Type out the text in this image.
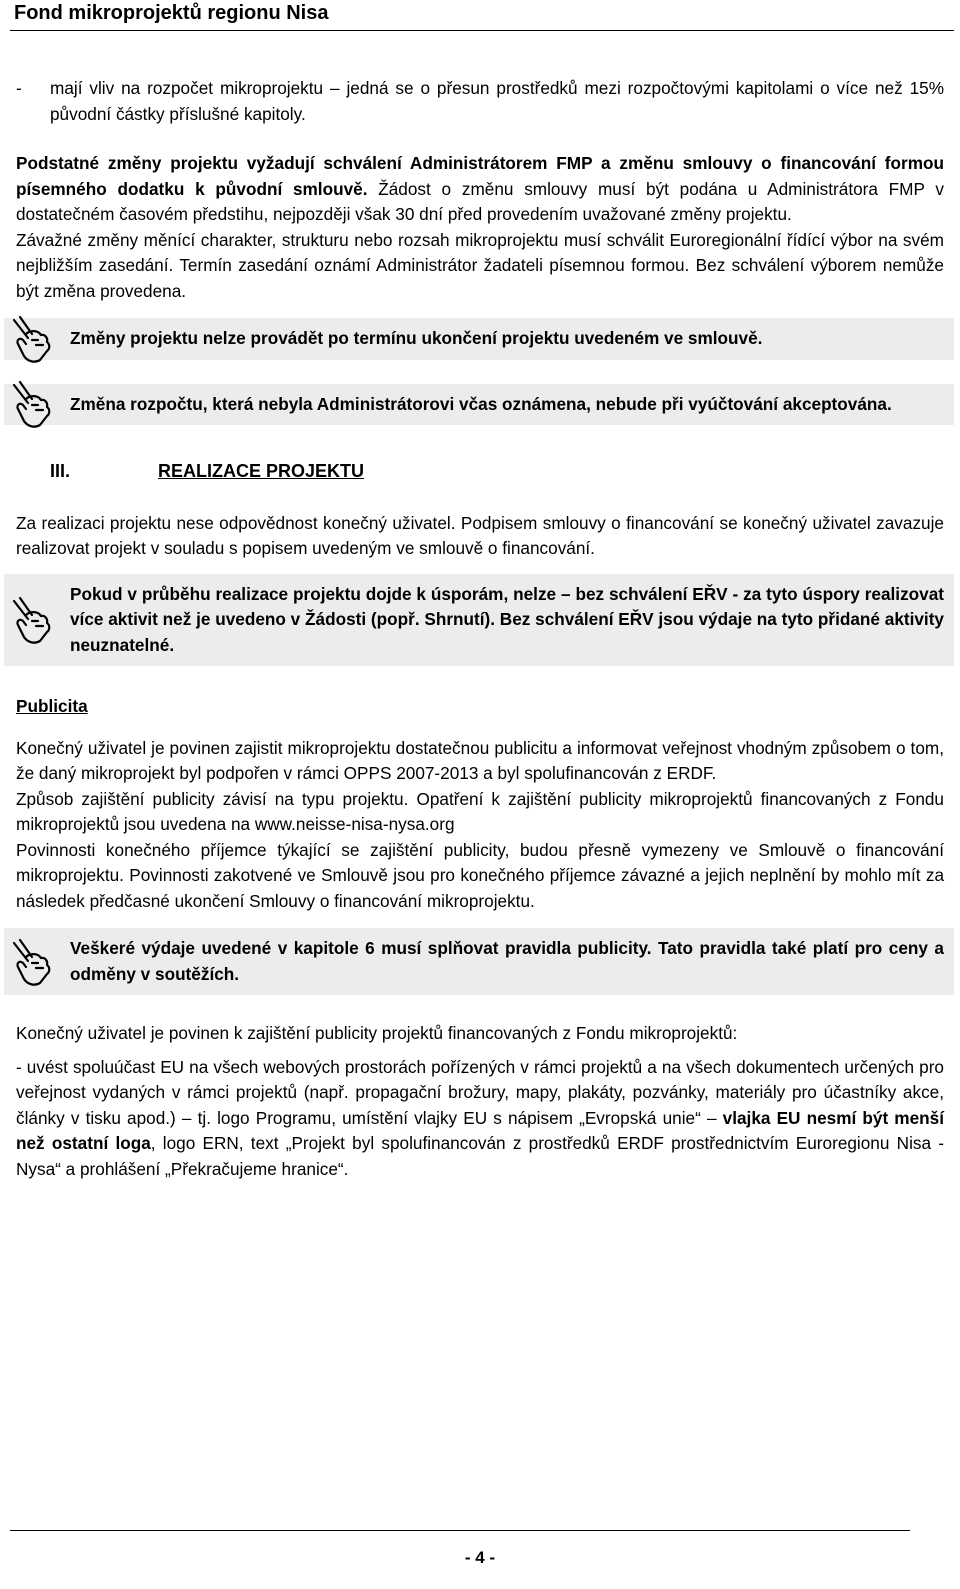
Fond mikroprojektů regionu Nisa
-	mají vliv na rozpočet mikroprojektu – jedná se o přesun prostředků mezi rozpočtovými kapitolami o více než 15% původní částky příslušné kapitoly.

Podstatné změny projektu vyžadují schválení Administrátorem FMP a změnu smlouvy o financování formou písemného dodatku k původní smlouvě. Žádost o změnu smlouvy musí být podána u Administrátora FMP v dostatečném časovém předstihu, nejpozději však 30 dní před provedením uvažované změny projektu.

Závažné změny měnící charakter, strukturu nebo rozsah mikroprojektu musí schválit Euroregionální řídící výbor na svém nejbližším zasedání. Termín zasedání oznámí Administrátor žadateli písemnou formou. Bez schválení výborem nemůže být změna provedena.

Změny projektu nelze provádět po termínu ukončení projektu uvedeném ve smlouvě.
Změna rozpočtu, která nebyla Administrátorovi včas oznámena, nebude při vyúčtování akceptována.
III.	REALIZACE PROJEKTU

Za realizaci projektu nese odpovědnost konečný uživatel. Podpisem smlouvy o financování se konečný uživatel zavazuje realizovat projekt v souladu s popisem uvedeným ve smlouvě o financování.

Pokud v průběhu realizace projektu dojde k úsporám, nelze – bez schválení EŘV - za tyto úspory realizovat více aktivit než je uvedeno v Žádosti (popř. Shrnutí). Bez schválení EŘV jsou výdaje na tyto přidané aktivity neuznatelné.

Publicita

Konečný uživatel je povinen zajistit mikroprojektu dostatečnou publicitu a informovat veřejnost vhodným způsobem o tom, že daný mikroprojekt byl podpořen v rámci OPPS 2007-2013 a byl spolufinancován z ERDF.

Způsob zajištění publicity závisí na typu projektu. Opatření k zajištění publicity mikroprojektů financovaných z Fondu mikroprojektů jsou uvedena na www.neisse-nisa-nysa.org

Povinnosti konečného příjemce týkající se zajištění publicity, budou přesně vymezeny ve Smlouvě o financování mikroprojektu. Povinnosti zakotvené ve Smlouvě jsou pro konečného příjemce závazné a jejich neplnění by mohlo mít za následek předčasné ukončení Smlouvy o financování mikroprojektu.

Veškeré výdaje uvedené v kapitole 6 musí splňovat pravidla publicity. Tato pravidla také platí pro ceny a odměny v soutěžích.

Konečný uživatel je povinen k zajištění publicity projektů financovaných z Fondu mikroprojektů:

- uvést spoluúčast EU na všech webových prostorách pořízených v rámci projektů a na všech dokumentech určených pro veřejnost vydaných v rámci projektů (např. propagační brožury, mapy, plakáty, pozvánky, materiály pro účastníky akce, články v tisku apod.) – tj. logo Programu, umístění vlajky EU s nápisem „Evropská unie“ – vlajka EU nesmí být menší než ostatní loga, logo ERN, text „Projekt byl spolufinancován z prostředků ERDF prostřednictvím Euroregionu Nisa - Nysa“ a prohlášení „Překračujeme hranice“.

- 4 -
